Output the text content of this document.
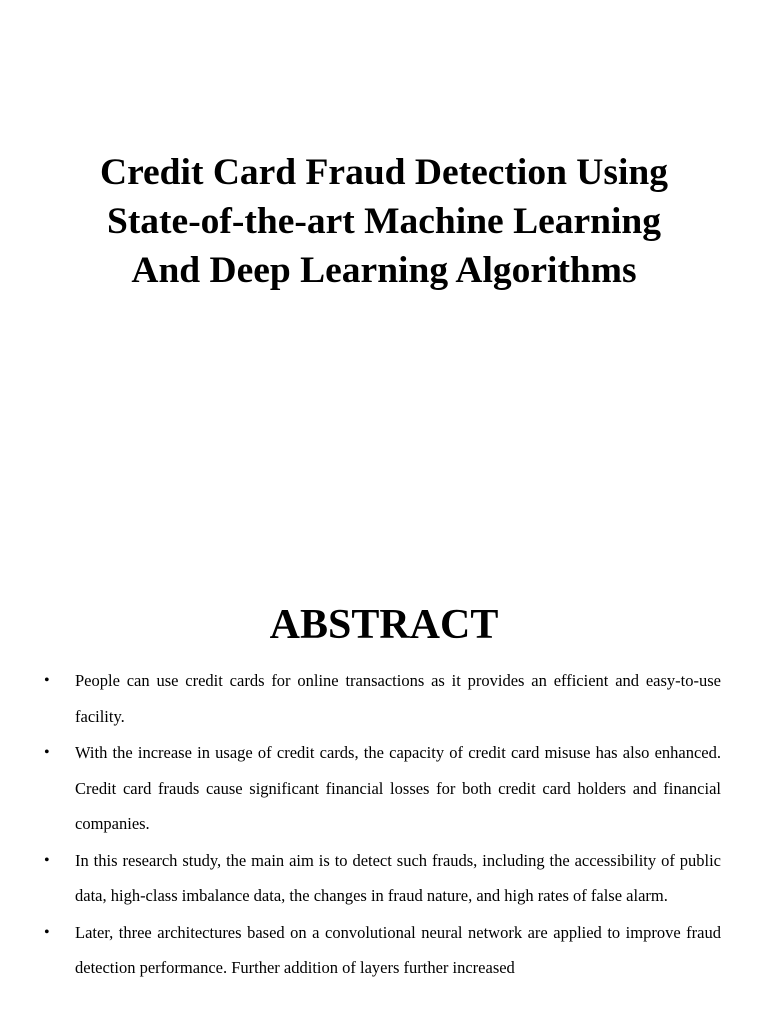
Credit Card Fraud Detection Using
State-of-the-art Machine Learning
And Deep Learning Algorithms
ABSTRACT
• People can use credit cards for online transactions as it provides an efficient and easy-to-use facility.
• With the increase in usage of credit cards, the capacity of credit card misuse has also enhanced. Credit card frauds cause significant financial losses for both credit card holders and financial companies.
• In this research study, the main aim is to detect such frauds, including the accessibility of public data, high-class imbalance data, the changes in fraud nature, and high rates of false alarm.
• Later, three architectures based on a convolutional neural network are applied to improve fraud detection performance. Further addition of layers further increased
